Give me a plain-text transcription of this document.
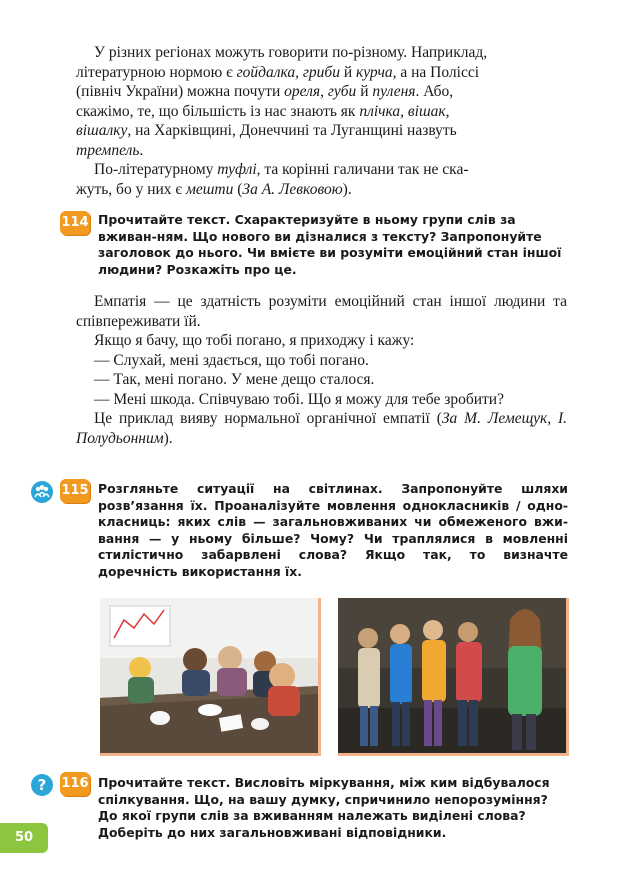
У різних регіонах можуть говорити по-різному. Наприклад,

літературною нормою є гойдалка, гриби й курча, а на Поліссі

(північ України) можна почути ореля, губи й пуленя. Або,

скажімо, те, що більшість із нас знають як плічка, вішак,

вішалку, на Харківщині, Донеччині та Луганщині назвуть

тремпель.

По-літературному туфлі, та корінні галичани так не ска-

жуть, бо у них є мешти (За А. Левковою).

114 Прочитайте текст. Схарактеризуйте в ньому групи слів за вживан-ням. Що нового ви дізналися з тексту? Запропонуйте заголовок до нього. Чи вмієте ви розуміти емоційний стан іншої людини? Розкажіть про це.

Емпатія — це здатність розуміти емоційний стан іншої людини та співпереживати їй.

Якщо я бачу, що тобі погано, я приходжу і кажу:

— Слухай, мені здається, що тобі погано.

— Так, мені погано. У мене дещо сталося.

— Мені шкода. Співчуваю тобі. Що я можу для тебе зробити?

Це приклад вияву нормальної органічної емпатії (За М. Лемещук, І. Полудьонним).

115 Розгляньте ситуації на світлинах. Запропонуйте шляхи розв’язання їх. Проаналізуйте мовлення однокласників / одно-класниць: яких слів — загальновживаних чи обмеженого вжи-вання — у ньому більше? Чому? Чи траплялися в мовленні стилістично забарвлені слова? Якщо так, то визначте доречність використання їх.
?	116 Прочитайте текст. Висловіть міркування, між ким відбувалося спілкування. Що, на вашу думку, спричинило непорозуміння? До якої групи слів за вживанням належать виділені слова? Доберіть до них загальновживані відповідники.
50
